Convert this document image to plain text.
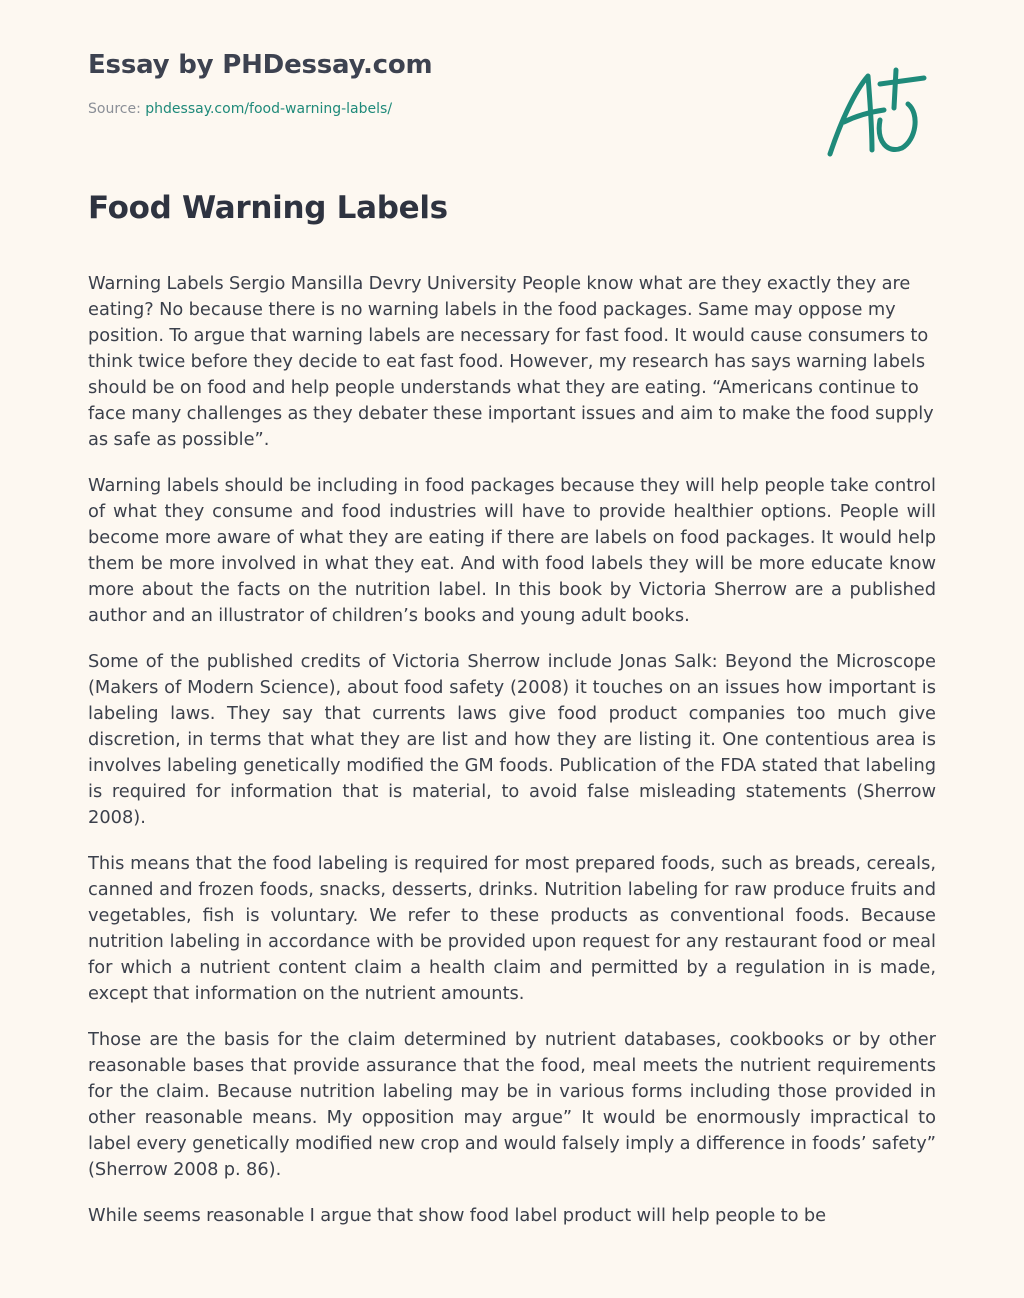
Essay by PHDessay.com
Source: phdessay.com/food-warning-labels/
Food Warning Labels

Warning Labels Sergio Mansilla Devry University People know what are they exactly they are eating? No because there is no warning labels in the food packages. Same may oppose my position. To argue that warning labels are necessary for fast food. It would cause consumers to think twice before they decide to eat fast food. However, my research has says warning labels should be on food and help people understands what they are eating. “Americans continue to face many challenges as they debater these important issues and aim to make the food supply as safe as possible”.

Warning labels should be including in food packages because they will help people take control of what they consume and food industries will have to provide healthier options. People will become more aware of what they are eating if there are labels on food packages. It would help them be more involved in what they eat. And with food labels they will be more educate know more about the facts on the nutrition label. In this book by Victoria Sherrow are a published author and an illustrator of children’s books and young adult books.

Some of the published credits of Victoria Sherrow include Jonas Salk: Beyond the Microscope (Makers of Modern Science), about food safety (2008) it touches on an issues how important is labeling laws. They say that currents laws give food product companies too much give discretion, in terms that what they are list and how they are listing it. One contentious area is involves labeling genetically modified the GM foods. Publication of the FDA stated that labeling is required for information that is material, to avoid false misleading statements (Sherrow 2008).

This means that the food labeling is required for most prepared foods, such as breads, cereals, canned and frozen foods, snacks, desserts, drinks. Nutrition labeling for raw produce fruits and vegetables, fish is voluntary. We refer to these products as conventional foods. Because nutrition labeling in accordance with be provided upon request for any restaurant food or meal for which a nutrient content claim a health claim and permitted by a regulation in is made, except that information on the nutrient amounts.

Those are the basis for the claim determined by nutrient databases, cookbooks or by other reasonable bases that provide assurance that the food, meal meets the nutrient requirements for the claim. Because nutrition labeling may be in various forms including those provided in other reasonable means. My opposition may argue” It would be enormously impractical to label every genetically modified new crop and would falsely imply a difference in foods’ safety” (Sherrow 2008 p. 86).

While seems reasonable I argue that show food label product will help people to be
